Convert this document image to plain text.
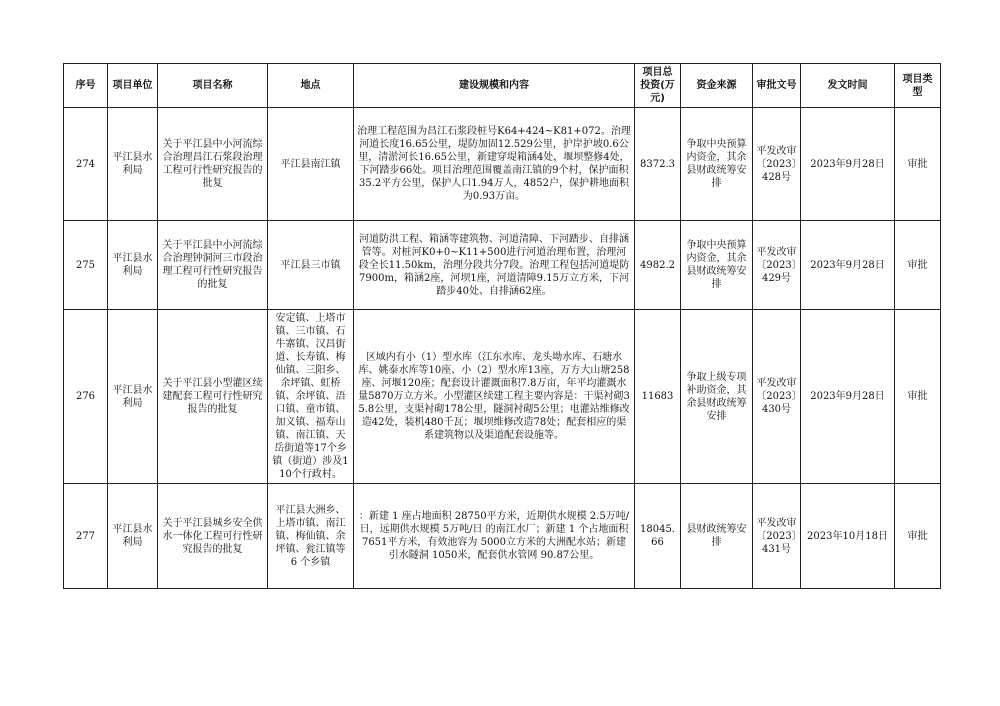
序号	项目单位	项目名称	地点	建设规模和内容	项目总投资(万元)	资金来源	审批文号	发文时间	项目类型
274	平江县水利局	关于平江县中小河流综合治理昌江石浆段治理工程可行性研究报告的批复	平江县南江镇	治理工程范围为昌江石浆段桩号K64+424~K81+072。治理河道长度16.65公里，堤防加固12.529公里，护岸护坡0.6公里，清淤河长16.65公里，新建穿堤箱涵4处，堰坝整修4处，下河踏步66处。项目治理范围覆盖南江镇的9个村，保护面积35.2平方公里，保护人口1.94万人，4852户，保护耕地面积为0.93万亩。	8372.3	争取中央预算内资金，其余县财政统筹安排	平发改审〔2023〕428号	2023年9月28日	审批
275	平江县水利局	关于平江县中小河流综合治理钟洞河三市段治理工程可行性研究报告的批复	平江县三市镇	河道防洪工程、箱涵等建筑物、河道清障、下河踏步、自排涵管等。对桩河K0+0~K11+500进行河道治理布置，治理河段全长11.50km，治理分段共分7段。治理工程包括河道堤防7900m，箱涵2座，河坝1座，河道清障9.15万立方米，下河踏步40处、自排涵62座。	4982.2	争取中央预算内资金，其余县财政统筹安排	平发改审〔2023〕429号	2023年9月28日	审批
276	平江县水利局	关于平江县小型灌区续建配套工程可行性研究报告的批复	安定镇、上塔市镇、三市镇、石牛寨镇、汉昌街道、长寿镇、梅仙镇、三阳乡、余坪镇、虹桥镇、余坪镇、浯口镇、童市镇、加义镇、福寿山镇、南江镇、天岳街道等17个乡镇（街道）涉及110个行政村。	区域内有小（1）型水库（江东水库、龙头坳水库、石塘水库、姚泰水库等10座、小（2）型水库13座，万方大山塘258座、河堰120座；配套设计灌溉面积7.8万亩，年平均灌溉水量5870万立方米。小型灌区续建工程主要内容是：干渠衬砌35.8公里，支渠衬砌178公里，隧洞衬砌5公里；电灌站维修改造42处，装机480千瓦；堰坝维修改造78处；配套相应的渠系建筑物以及渠道配套设施等。	11683	争取上级专项补助资金，其余县财政统筹安排	平发改审〔2023〕430号	2023年9月28日	审批
277	平江县水利局	关于平江县城乡安全供水一体化工程可行性研究报告的批复	平江县大洲乡、上塔市镇、南江镇、梅仙镇、余坪镇、瓮江镇等 6 个乡镇	：新建 1 座占地面积 28750平方米，近期供水规模 2.5万吨/日，远期供水规模 5万吨/日 的南江水厂；新建 1 个占地面积 7651平方米，有效池容为 5000立方米的大洲配水站；新建引水隧洞 1050米，配套供水管网 90.87公里。	18045.66	县财政统筹安排	平发改审〔2023〕431号	2023年10月18日	审批
